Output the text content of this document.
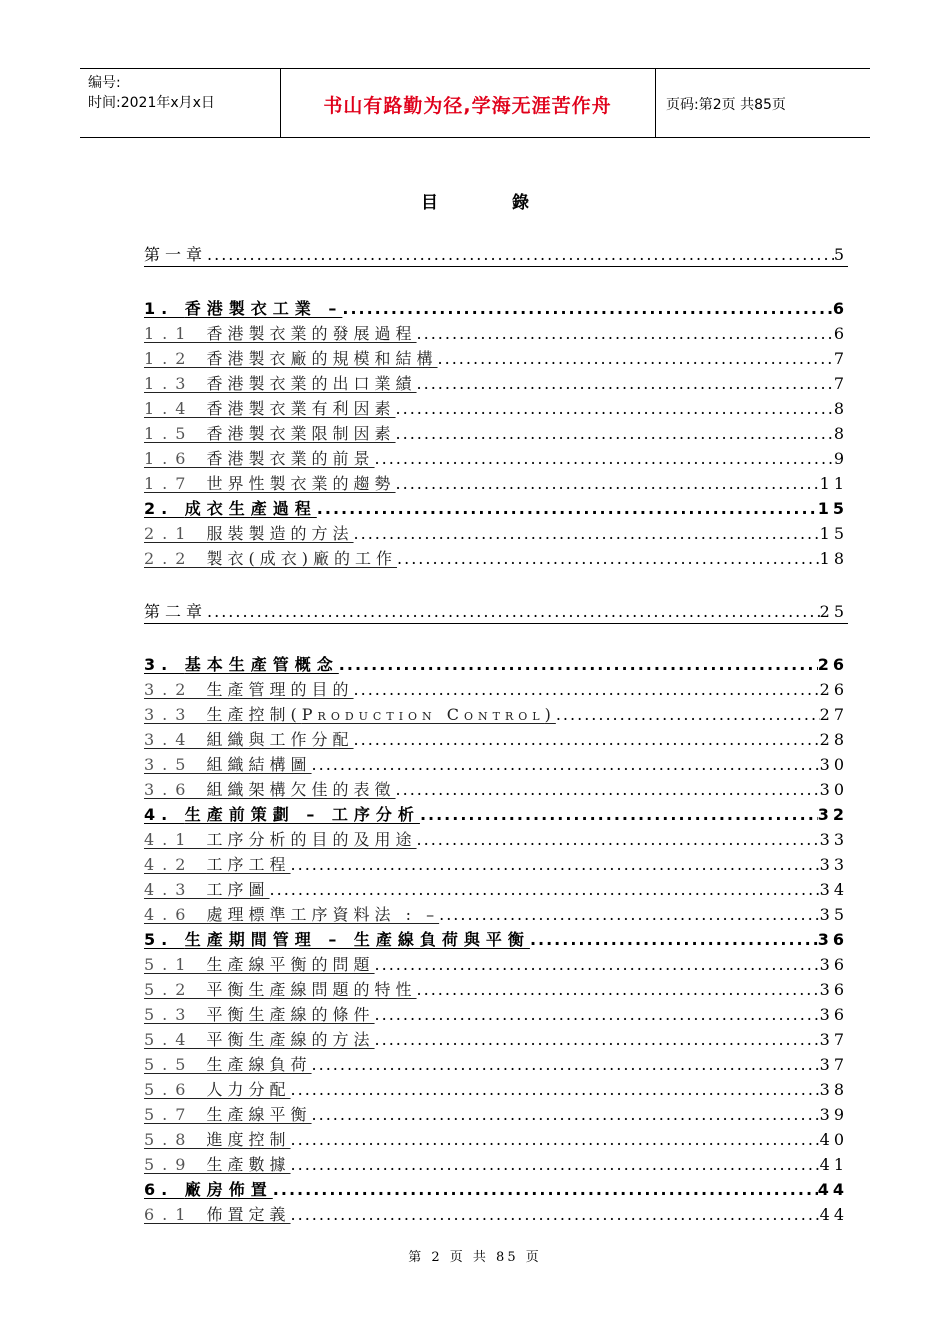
编号:
时间:2021年x月x日	书山有路勤为径,学海无涯苦作舟	页码:第2页 共85页
目 錄
第一章 .....	5
1. 香港製衣工業 – .....	6
1.1 香港製衣業的發展過程 .....	6
1.2 香港製衣廠的規模和結構 .....	7
1.3 香港製衣業的出口業績 .....	7
1.4 香港製衣業有利因素 .....	8
1.5 香港製衣業限制因素 .....	8
1.6 香港製衣業的前景 .....	9
1.7 世界性製衣業的趨勢 .....	11
2. 成衣生產過程 .....	15
2.1 服裝製造的方法 .....	15
2.2 製衣(成衣)廠的工作 .....	18
第二章 .....	25
3. 基本生產管概念 .....	26
3.2 生產管理的目的 .....	26
3.3 生產控制(Production Control) .....	27
3.4 組織與工作分配 .....	28
3.5 組織結構圖 .....	30
3.6 組織架構欠佳的表徵 .....	30
4. 生產前策劃 – 工序分析 .....	32
4.1 工序分析的目的及用途 .....	33
4.2 工序工程 .....	33
4.3 工序圖 .....	34
4.6 處理標準工序資料法 : – .....	35
5. 生產期間管理 – 生產線負荷與平衡 .....	36
5.1 生產線平衡的問題 .....	36
5.2 平衡生產線問題的特性 .....	36
5.3 平衡生產線的條件 .....	36
5.4 平衡生產線的方法 .....	37
5.5 生產線負荷 .....	37
5.6 人力分配 .....	38
5.7 生產線平衡 .....	39
5.8 進度控制 .....	40
5.9 生產數據 .....	41
6. 廠房佈置 .....	44
6.1 佈置定義 .....	44
第 2 页 共 85 页
